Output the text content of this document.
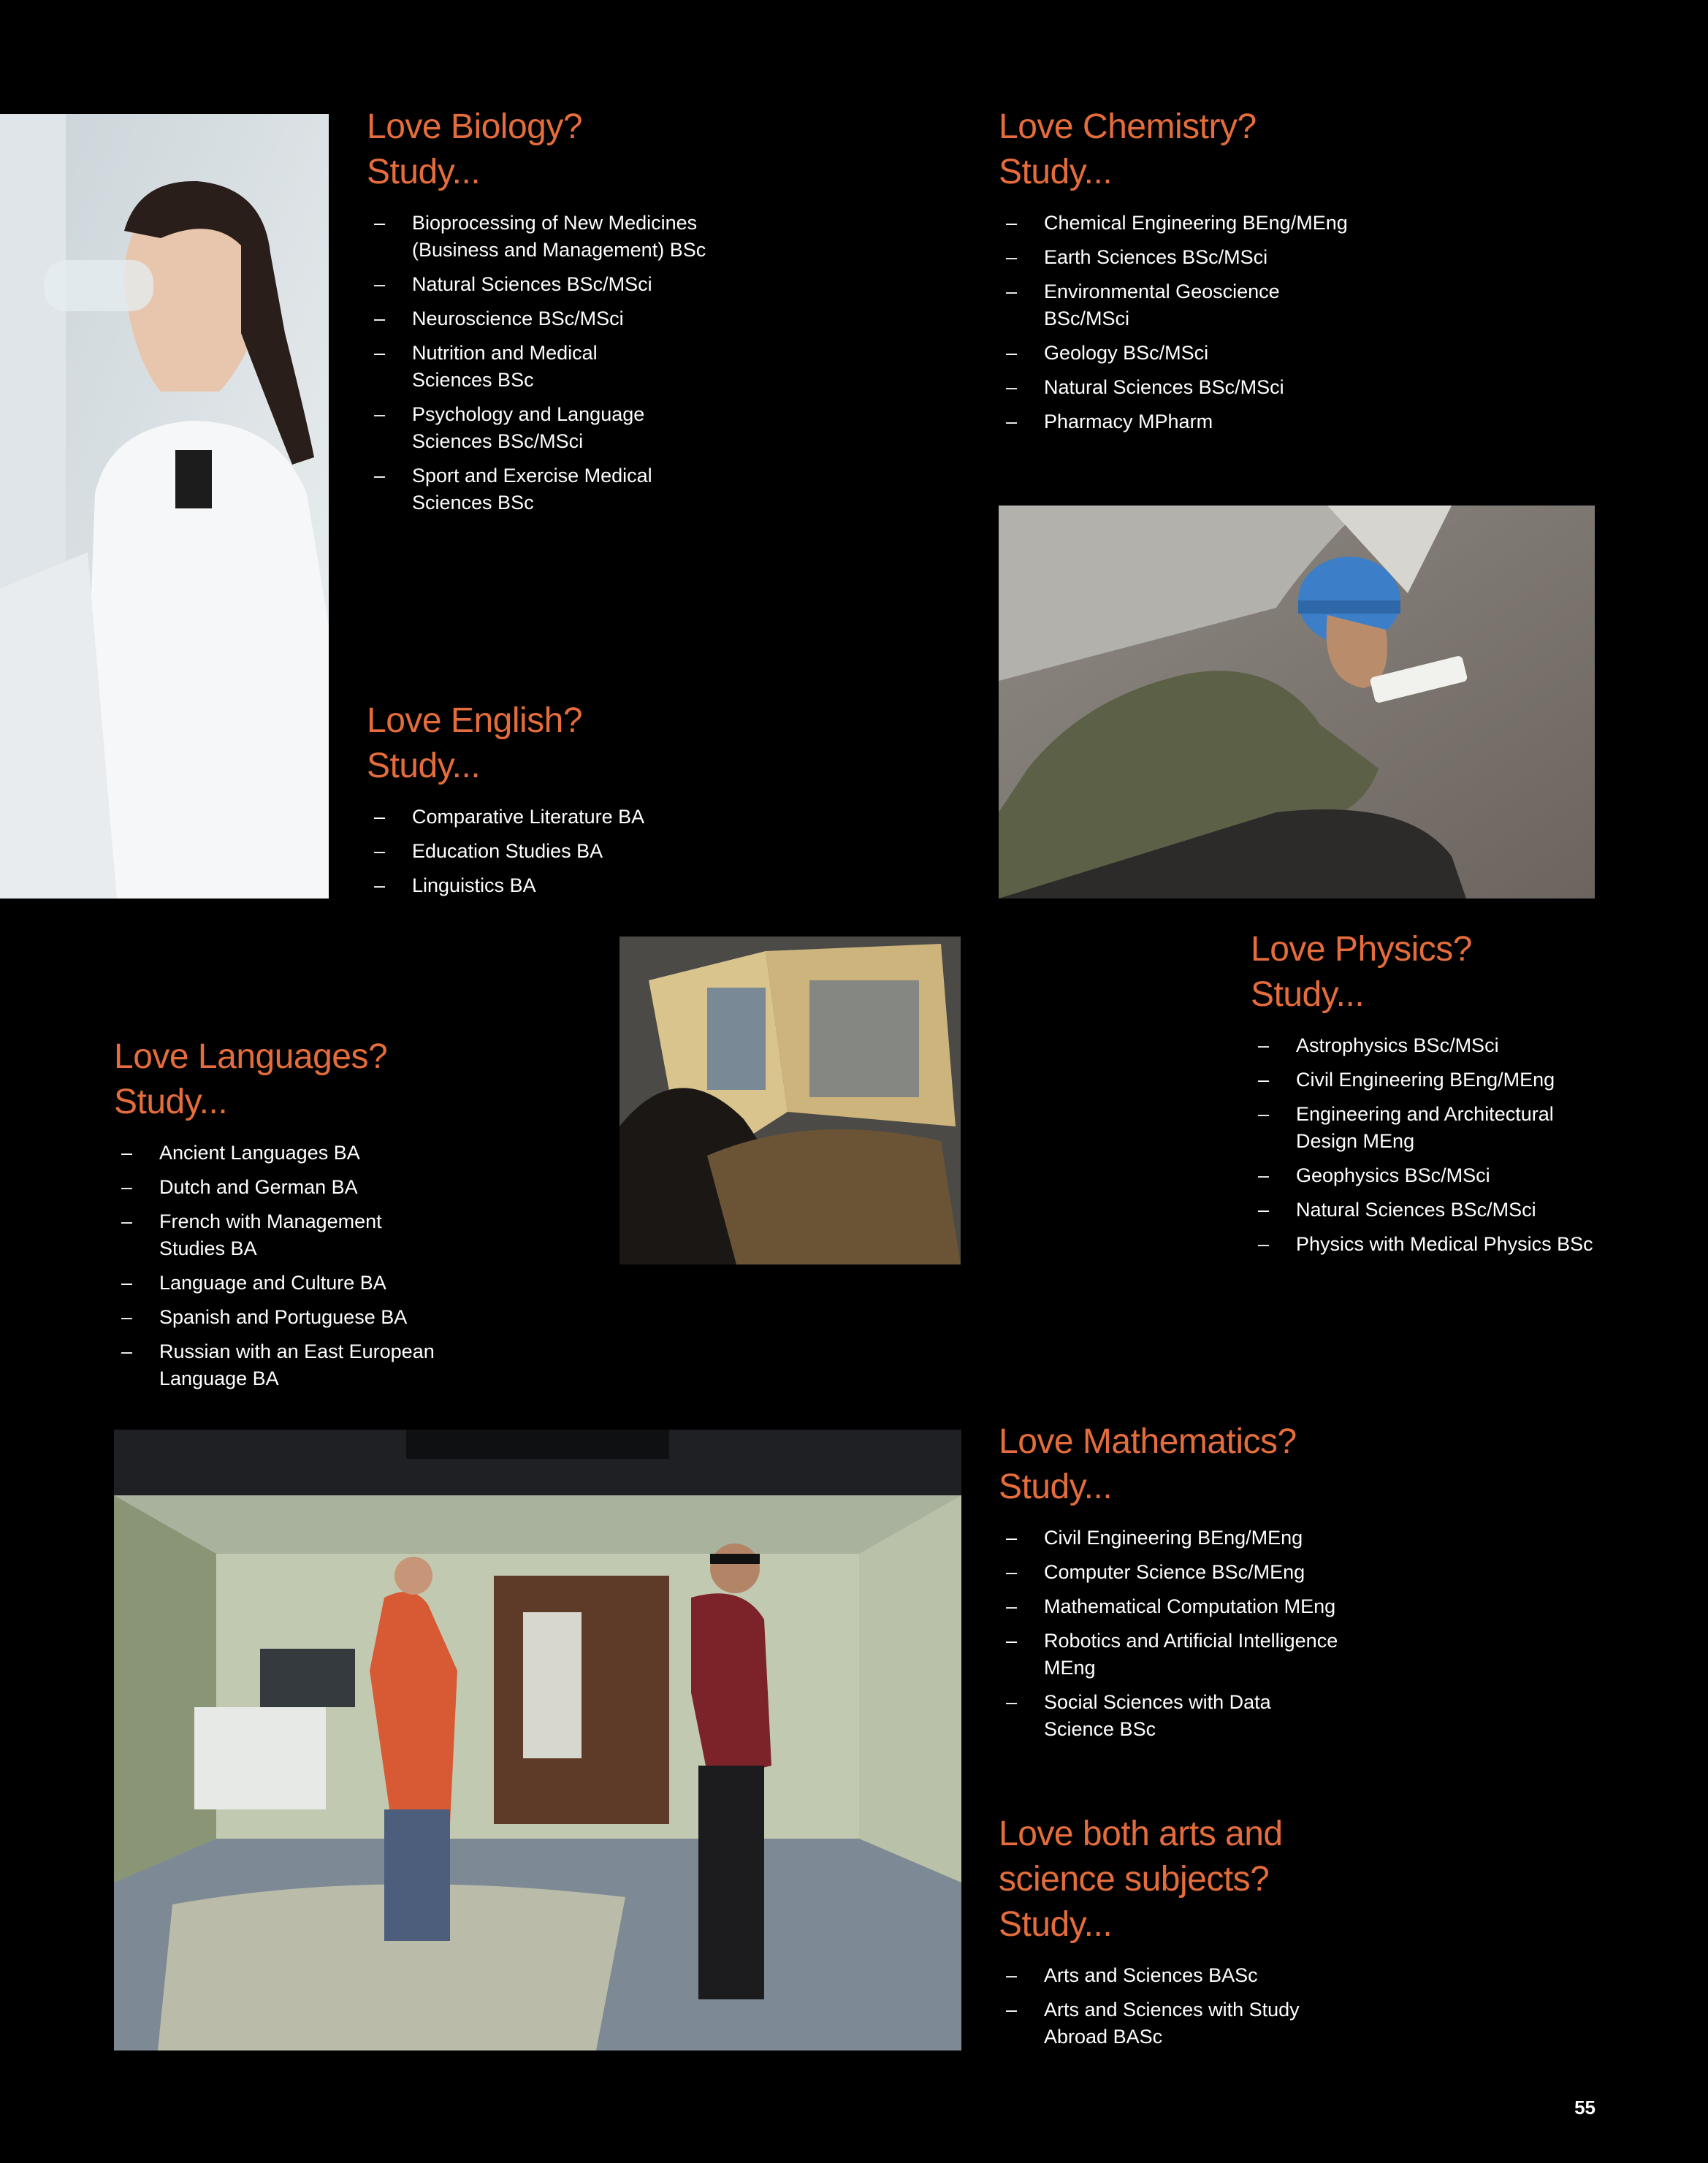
Love Biology?
Study...
– Bioprocessing of New Medicines
(Business and Management) BSc
– Natural Sciences BSc/MSci
– Neuroscience BSc/MSci
– Nutrition and Medical
Sciences BSc
– Psychology and Language
Sciences BSc/MSci
– Sport and Exercise Medical
Sciences BSc
Love Chemistry?
Study...
– Chemical Engineering BEng/MEng
– Earth Sciences BSc/MSci
– Environmental Geoscience
BSc/MSci
– Geology BSc/MSci
– Natural Sciences BSc/MSci
– Pharmacy MPharm
Love English?
Study...
– Comparative Literature BA
– Education Studies BA
– Linguistics BA
Love Physics?
Study...
– Astrophysics BSc/MSci
– Civil Engineering BEng/MEng
– Engineering and Architectural
Design MEng
– Geophysics BSc/MSci
– Natural Sciences BSc/MSci
– Physics with Medical Physics BSc
Love Languages?
Study...
– Ancient Languages BA
– Dutch and German BA
– French with Management
Studies BA
– Language and Culture BA
– Spanish and Portuguese BA
– Russian with an East European
Language BA
Love Mathematics?
Study...
– Civil Engineering BEng/MEng
– Computer Science BSc/MEng
– Mathematical Computation MEng
– Robotics and Artificial Intelligence
MEng
– Social Sciences with Data
Science BSc
Love both arts and
science subjects?
Study...
– Arts and Sciences BASc
– Arts and Sciences with Study
Abroad BASc
55
